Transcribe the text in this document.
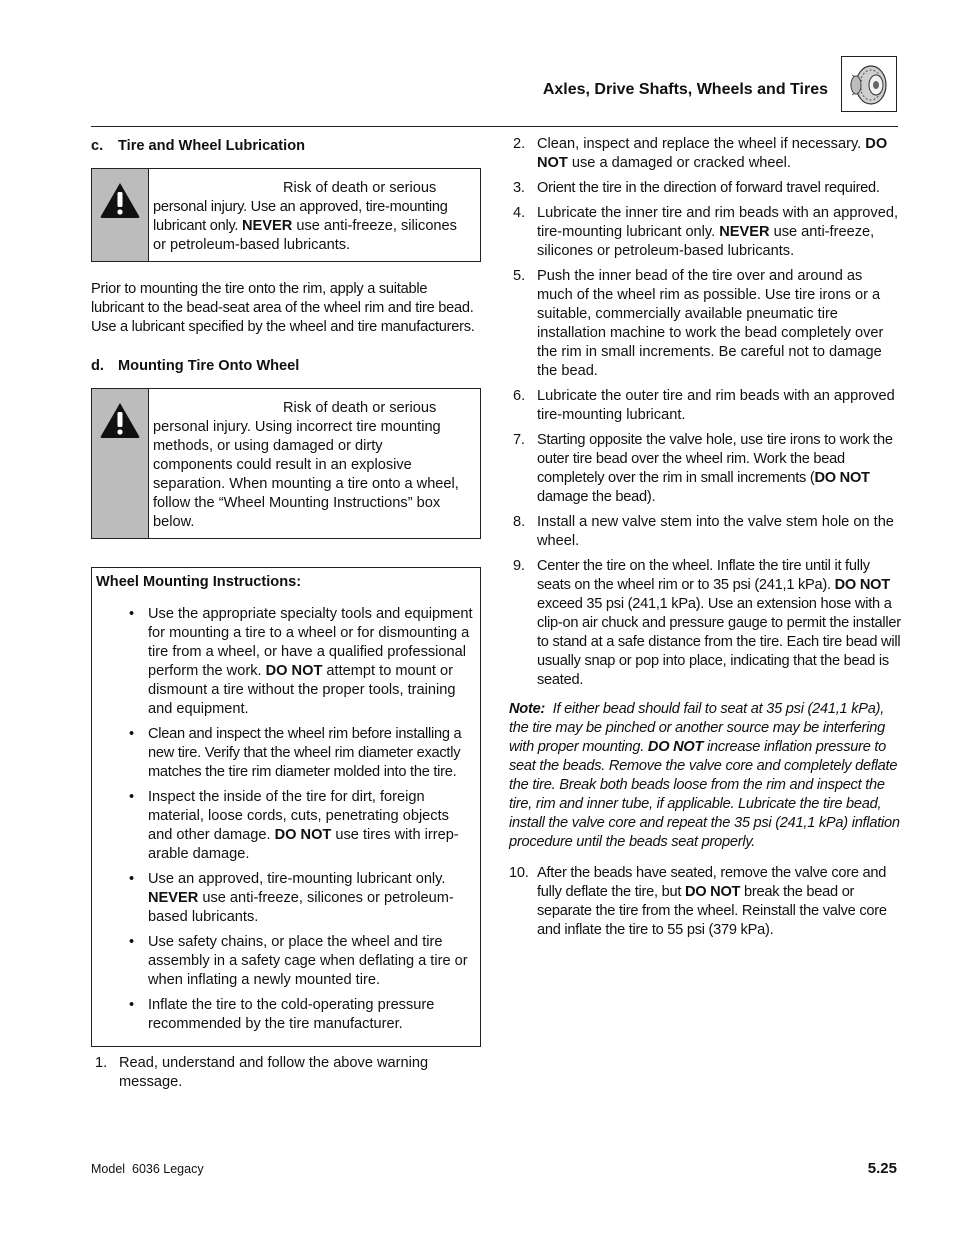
Axles, Drive Shafts, Wheels and Tires
c. Tire and Wheel Lubrication
Risk of death or serious
personal injury. Use an approved, tire-mounting lubricant only. NEVER use anti-freeze, silicones or petroleum-based lubricants.

Prior to mounting the tire onto the rim, apply a suitable lubricant to the bead-seat area of the wheel rim and tire bead. Use a lubricant specified by the wheel and tire manufacturers.

d. Mounting Tire Onto Wheel
Risk of death or serious
personal injury. Using incorrect tire mounting methods, or using damaged or dirty components could result in an explosive separation. When mounting a tire onto a wheel, follow the “Wheel Mounting Instructions” box below.
Wheel Mounting Instructions:
• Use the appropriate specialty tools and equipment for mounting a tire to a wheel or for dismounting a tire from a wheel, or have a qualified professional perform the work. DO NOT attempt to mount or dismount a tire without the proper tools, training and equipment.
• Clean and inspect the wheel rim before installing a new tire. Verify that the wheel rim diameter exactly matches the tire rim diameter molded into the tire.
• Inspect the inside of the tire for dirt, foreign material, loose cords, cuts, penetrating objects and other damage. DO NOT use tires with irrep-arable damage.
• Use an approved, tire-mounting lubricant only. NEVER use anti-freeze, silicones or petroleum-based lubricants.
• Use safety chains, or place the wheel and tire assembly in a safety cage when deflating a tire or when inflating a newly mounted tire.
• Inflate the tire to the cold-operating pressure recommended by the tire manufacturer.
1. Read, understand and follow the above warning message.
2. Clean, inspect and replace the wheel if necessary. DO NOT use a damaged or cracked wheel.
3. Orient the tire in the direction of forward travel required.
4. Lubricate the inner tire and rim beads with an approved, tire-mounting lubricant only. NEVER use anti-freeze, silicones or petroleum-based lubricants.
5. Push the inner bead of the tire over and around as much of the wheel rim as possible. Use tire irons or a suitable, commercially available pneumatic tire installation machine to work the bead completely over the rim in small increments. Be careful not to damage the bead.
6. Lubricate the outer tire and rim beads with an approved tire-mounting lubricant.
7. Starting opposite the valve hole, use tire irons to work the outer tire bead over the wheel rim. Work the bead completely over the rim in small increments (DO NOT damage the bead).
8. Install a new valve stem into the valve stem hole on the wheel.
9. Center the tire on the wheel. Inflate the tire until it fully seats on the wheel rim or to 35 psi (241,1 kPa). DO NOT exceed 35 psi (241,1 kPa). Use an extension hose with a clip-on air chuck and pressure gauge to permit the installer to stand at a safe distance from the tire. Each tire bead will usually snap or pop into place, indicating that the bead is seated.

Note: If either bead should fail to seat at 35 psi (241,1 kPa), the tire may be pinched or another source may be interfering with proper mounting. DO NOT increase inflation pressure to seat the beads. Remove the valve core and completely deflate the tire. Break both beads loose from the rim and inspect the tire, rim and inner tube, if applicable. Lubricate the tire bead, install the valve core and repeat the 35 psi (241,1 kPa) inflation procedure until the beads seat properly.

10. After the beads have seated, remove the valve core and fully deflate the tire, but DO NOT break the bead or separate the tire from the wheel. Reinstall the valve core and inflate the tire to 55 psi (379 kPa).
Model  6036 Legacy	5.25
